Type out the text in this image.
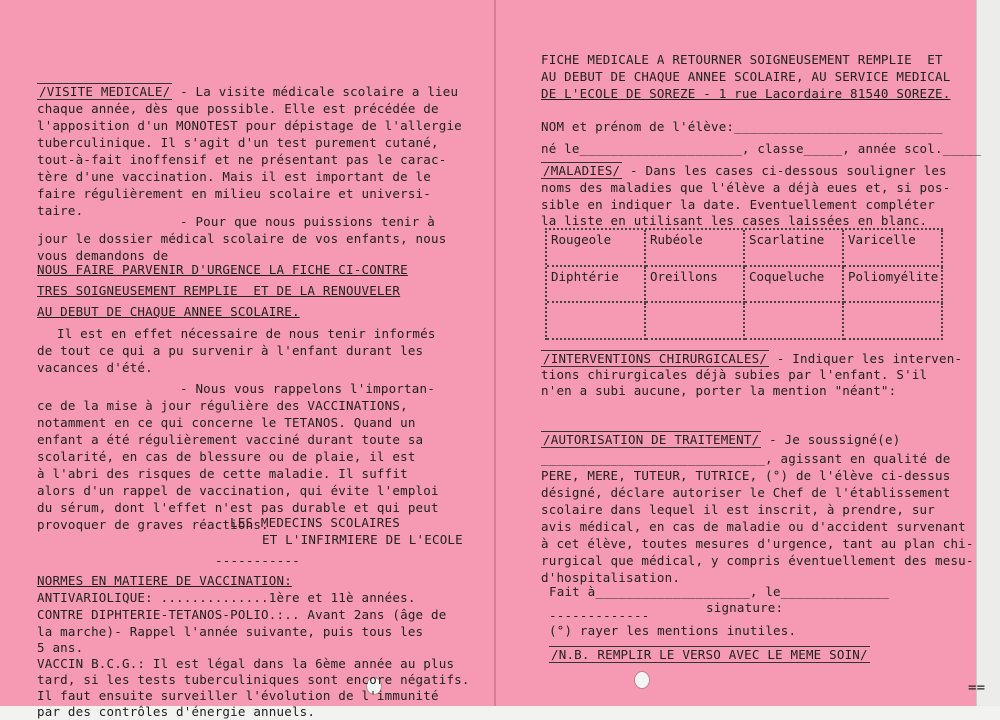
/ VISITE MEDICALE / - La visite médicale scolaire a lieu
chaque année, dès que possible. Elle est précédée de
l'apposition d'un MONOTEST pour dépistage de l'allergie
tuberculinique. Il s'agit d'un test purement cutané,
tout-à-fait inoffensif et ne présentant pas le carac-
tère d'une vaccination. Mais il est important de le
faire régulièrement en milieu scolaire et universi-
taire.
- Pour que nous puissions tenir à
jour le dossier médical scolaire de vos enfants, nous
vous demandons de
NOUS FAIRE PARVENIR D'URGENCE LA FICHE CI-CONTRE
TRES SOIGNEUSEMENT REMPLIE  ET DE LA RENOUVELER
AU DEBUT DE CHAQUE ANNEE SCOLAIRE.
Il est en effet nécessaire de nous tenir informés
de tout ce qui a pu survenir à l'enfant durant les
vacances d'été.
- Nous vous rappelons l'importan-
ce de la mise à jour régulière des VACCINATIONS,
notamment en ce qui concerne le TETANOS. Quand un
enfant a été régulièrement vacciné durant toute sa
scolarité, en cas de blessure ou de plaie, il est
à l'abri des risques de cette maladie. Il suffit
alors d'un rappel de vaccination, qui évite l'emploi
du sérum, dont l'effet n'est pas durable et qui peut
provoquer de graves réactions.
LES MEDECINS SCOLAIRES
ET L'INFIRMIERE DE L'ECOLE
-----------
NORMES EN MATIERE DE VACCINATION:
ANTIVARIOLIQUE: ..............1ère et 11è années.
CONTRE DIPHTERIE-TETANOS-POLIO.:.. Avant 2ans (âge de
la marche)- Rappel l'année suivante, puis tous les
5 ans.
VACCIN B.C.G.: Il est légal dans la 6ème année au plus
tard, si les tests tuberculiniques sont encore négatifs.
Il faut ensuite surveiller l'évolution de l'immunité
par des contrôles d'énergie annuels.
FICHE MEDICALE A RETOURNER SOIGNEUSEMENT REMPLIE  ET
AU DEBUT DE CHAQUE ANNEE SCOLAIRE, AU SERVICE MEDICAL
DE L'ECOLE DE SOREZE - 1 rue Lacordaire 81540 SOREZE.
NOM et prénom de l'élève:___________________________
né le_____________________, classe_____, année scol._____
/ MALADIES / - Dans les cases ci-dessous souligner les
noms des maladies que l'élève a déjà eues et, si pos-
sible en indiquer la date. Eventuellement compléter
la liste en utilisant les cases laissées en blanc.
Rougeole	Rubéole	Scarlatine	Varicelle
Diphtérie	Oreillons	Coqueluche	Poliomyélite
/ INTERVENTIONS CHIRURGICALES / - Indiquer les interven-
tions chirurgicales déjà subies par l'enfant. S'il
n'en a subi aucune, porter la mention "néant":
/ AUTORISATION DE TRAITEMENT / - Je soussigné(e)
_____________________________, agissant en qualité de
PERE, MERE, TUTEUR, TUTRICE, (°) de l'élève ci-dessus
désigné, déclare autoriser le Chef de l'établissement
scolaire dans lequel il est inscrit, à prendre, sur
avis médical, en cas de maladie ou d'accident survenant
à cet élève, toutes mesures d'urgence, tant au plan chi-
rurgical que médical, y compris éventuellement des mesu-
d'hospitalisation.
Fait à____________________, le______________
signature:
-------------
(°) rayer les mentions inutiles.
/ N.B. REMPLIR LE VERSO AVEC LE MEME SOIN /
==
